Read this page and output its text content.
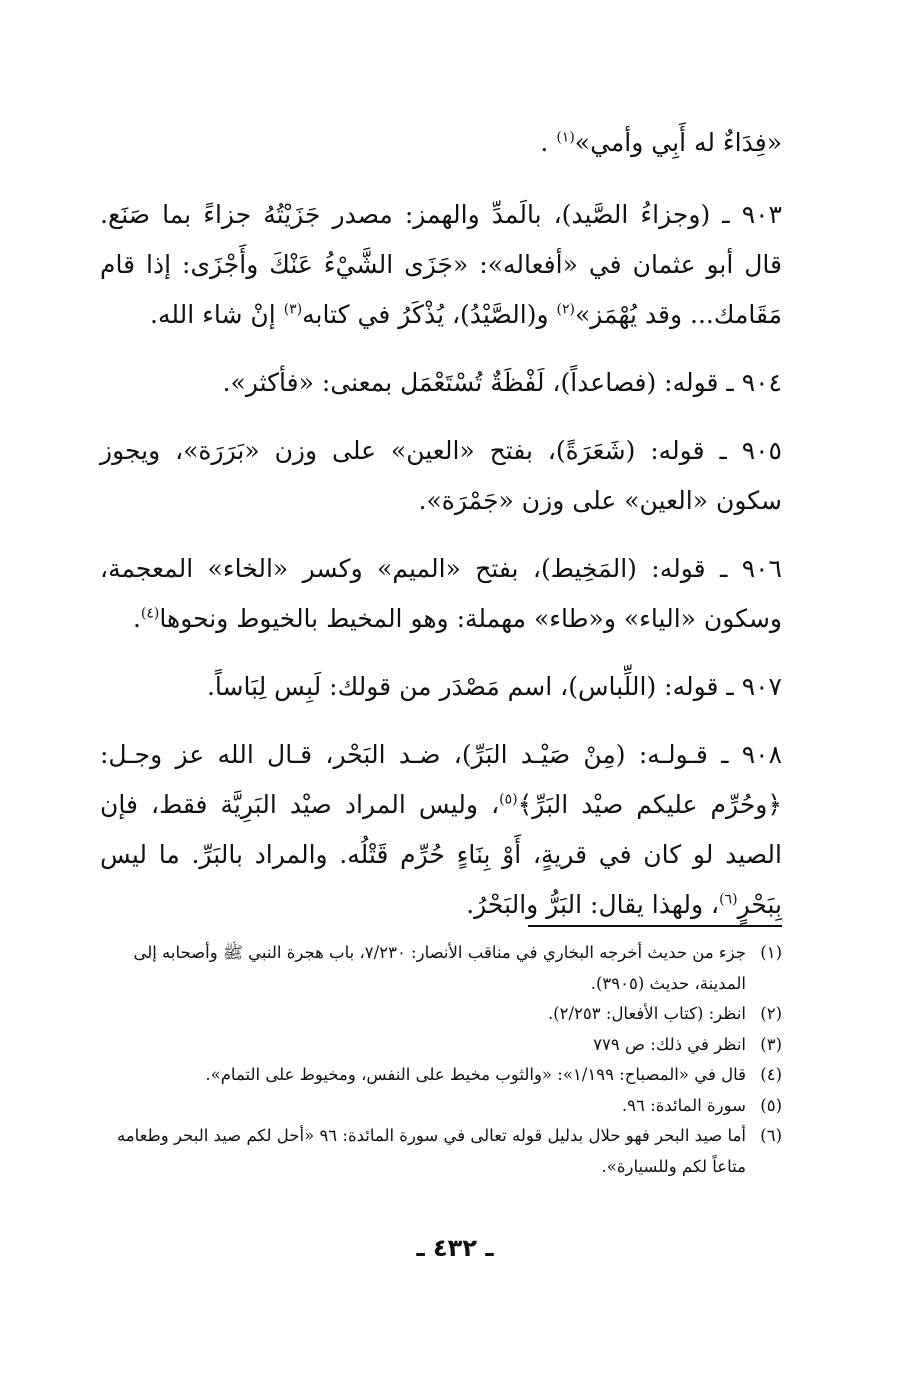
«فِدَاءٌ له أَبِي وأمي»$^{(١)}$ .

٩٠٣ ـ (وجزاءُ الصَّيد)، بالَمدِّ والهمز: مصدر جَزَيْتُهُ جزاءً بما صَنَع. قال أبو عثمان في «أفعاله»: «جَزَى الشَّيْءُ عَنْكَ وأَجْزَى: إذا قام مَقَامك... وقد يُهْمَز»$^{(٢)}$ و(الصَّيْدُ)، يُذْكَرُ في كتابه$^{(٣)}$ إنْ شاء الله.

٩٠٤ ـ قوله: (فصاعداً)، لَفْظَةٌ تُسْتَعْمَل بمعنى: «فأكثر».

٩٠٥ ـ قوله: (شَعَرَةً)، بفتح «العين» على وزن «بَرَرَة»، ويجوز سكون «العين» على وزن «جَمْرَة».

٩٠٦ ـ قوله: (المَخِيط)، بفتح «الميم» وكسر «الخاء» المعجمة، وسكون «الياء» و«طاء» مهملة: وهو المخيط بالخيوط ونحوها$^{(٤)}$.

٩٠٧ ـ قوله: (اللِّباس)، اسم مَصْدَر من قولك: لَبِس لِبَاساً.

٩٠٨ ـ قـولـه: (مِنْ صَيْـد البَرِّ)، ضـد البَحْر، قـال الله عز وجـل: ﴿وحُرِّم عليكم صيْد البَرِّ﴾$^{(٥)}$، وليس المراد صيْد البَرِيَّة فقط، فإن الصيد لو كان في قريةٍ، أَوْ بِنَاءٍ حُرِّم قَتْلُه. والمراد بالبَرِّ. ما ليس بِبَحْرٍ$^{(٦)}$، ولهذا يقال: البَرُّ والبَحْرُ.

(١)
جزء من حديث أخرجه البخاري في مناقب الأنصار: ٧/٢٣٠، باب هجرة النبي ﷺ وأصحابه إلى المدينة، حديث (٣٩٠٥).
(٢)
انظر: (كتاب الأفعال: ٢/٢٥٣).
(٣)
انظر في ذلك: ص ٧٧٩
(٤)
قال في «المصباح: ١/١٩٩»: «والثوب مخيط على النفس، ومخيوط على التمام».
(٥)
سورة المائدة: ٩٦.
(٦)
أما صيد البحر فهو حلال بدليل قوله تعالى في سورة المائدة: ٩٦ «أحل لكم صيد البحر وطعامه متاعاً لكم وللسيارة».
ـ ٤٣٢ ـ
